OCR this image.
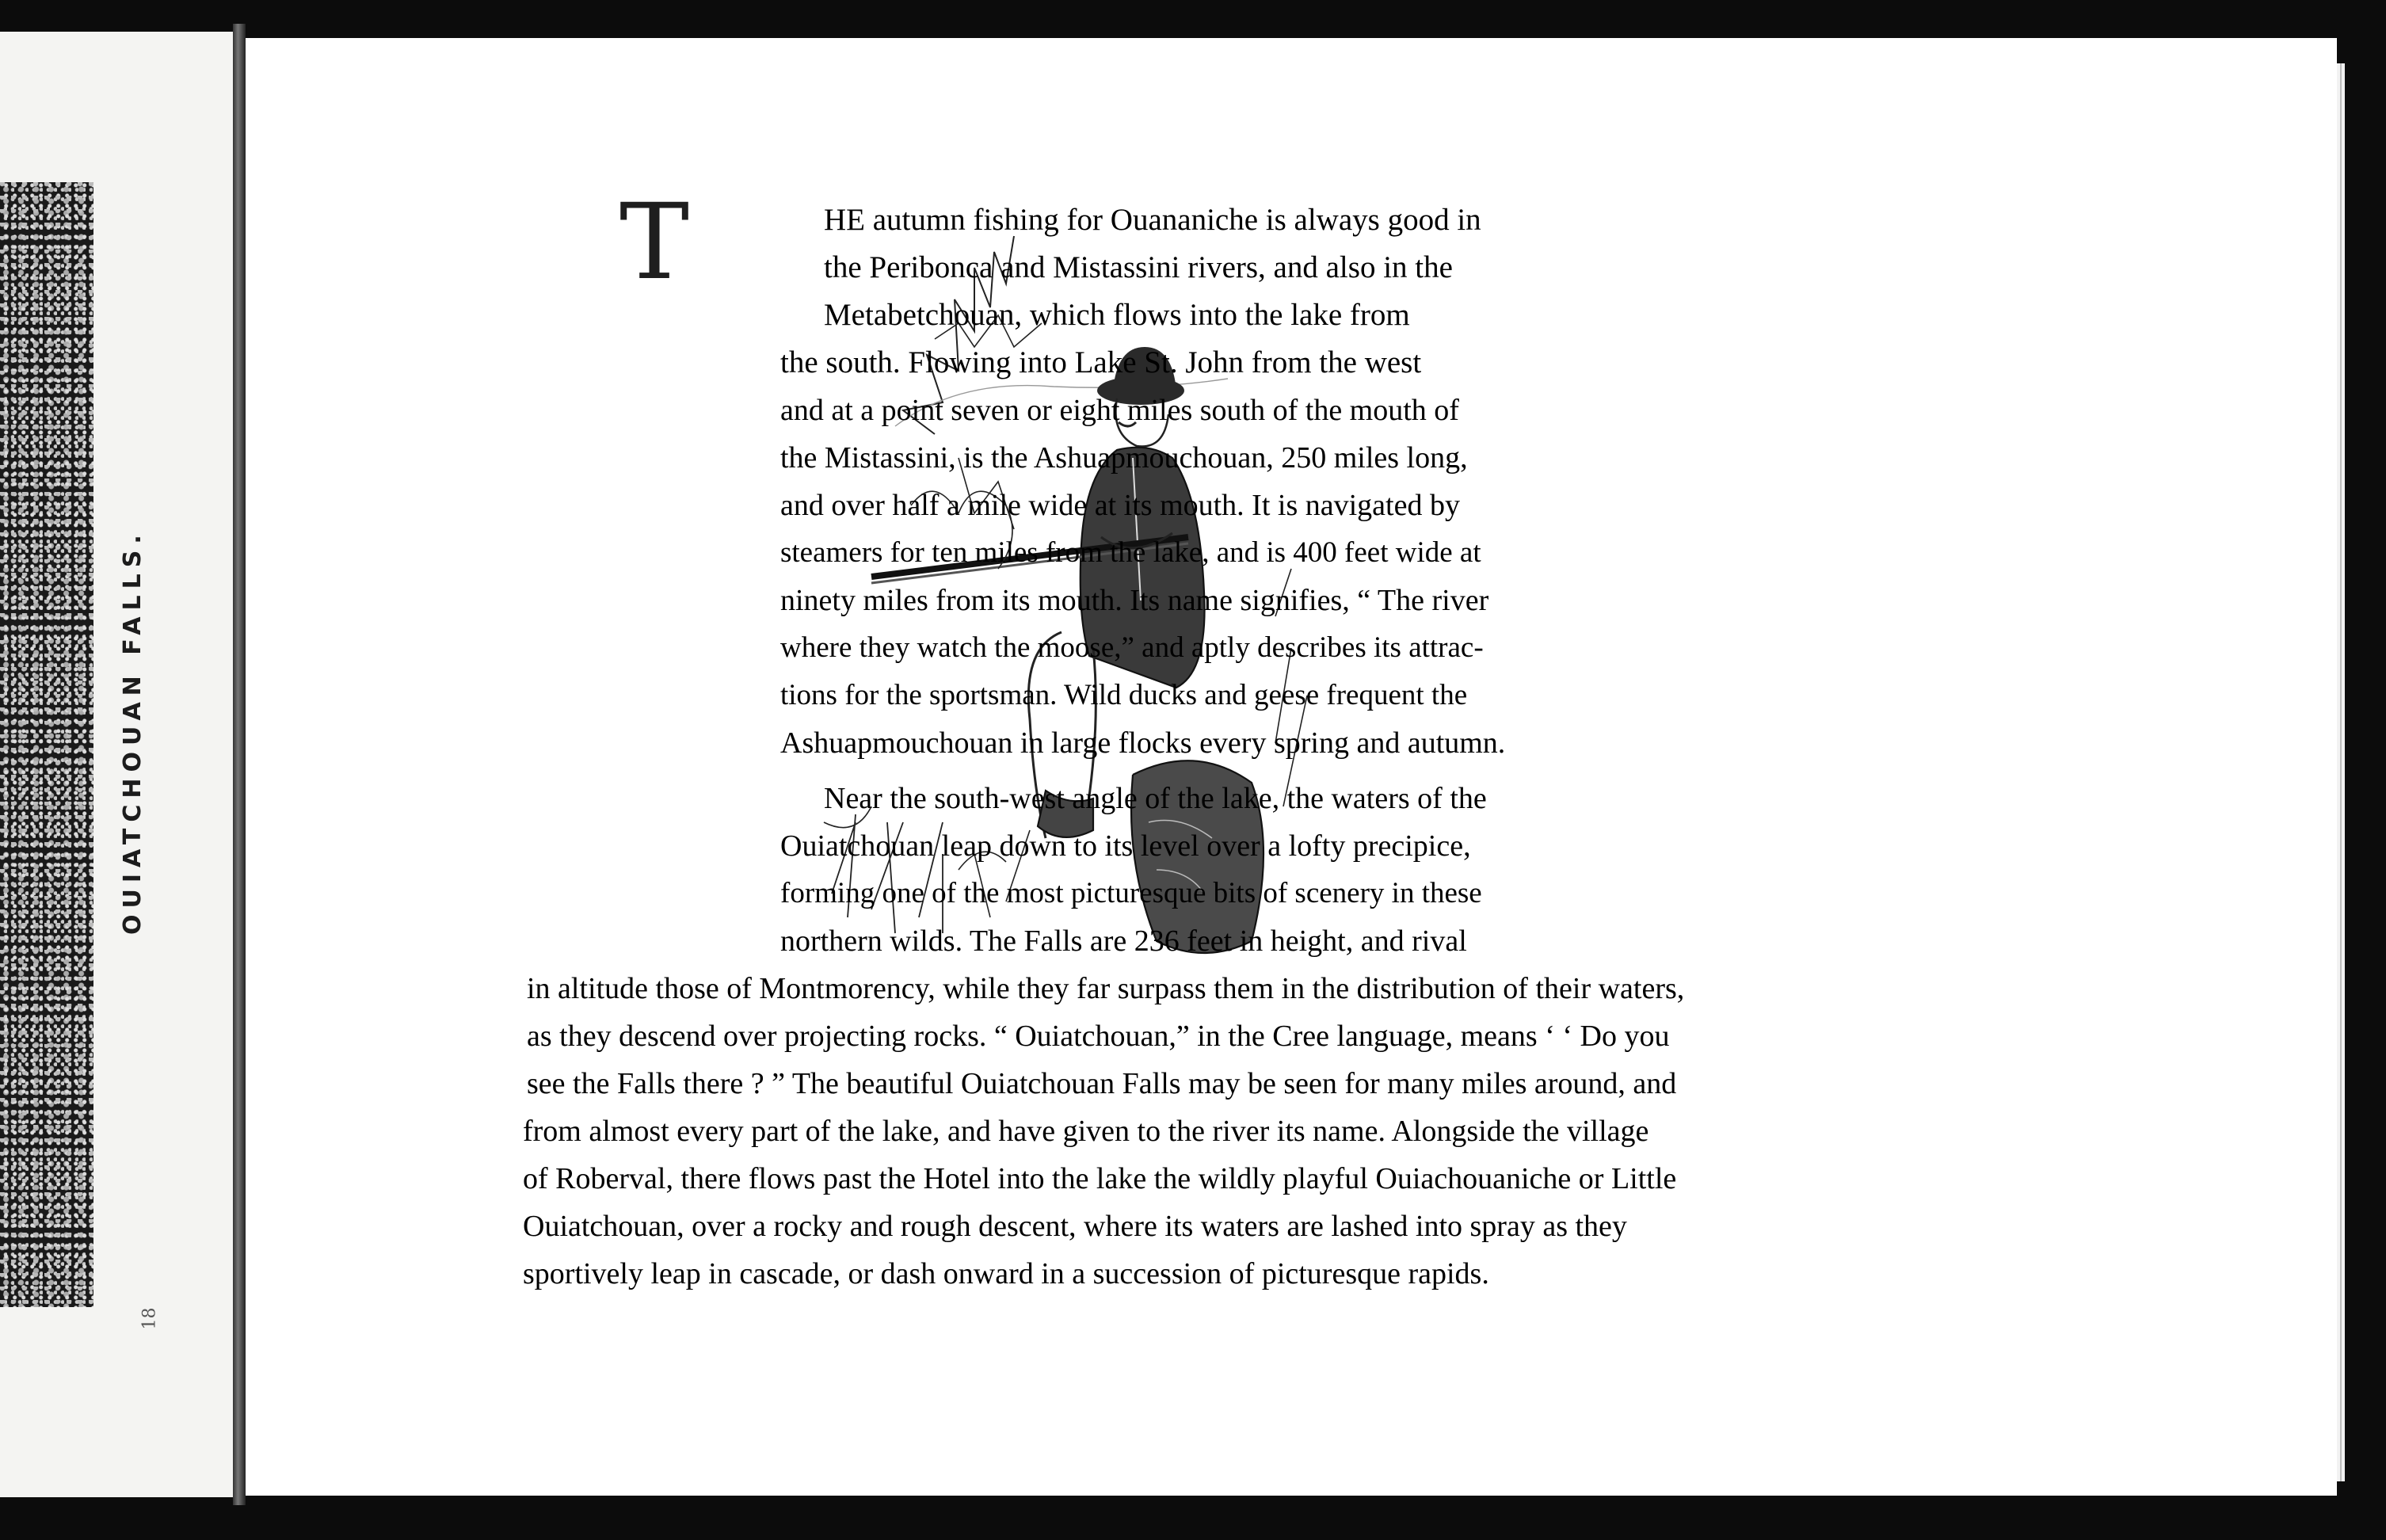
OUIATCHOUAN FALLS.
18
T	HE autumn fishing for Ouananiche is always good in
the Peribonca and Mistassini rivers, and also in the
Metabetchouan, which flows into the lake from
the south. Flowing into Lake St. John from the west
and at a point seven or eight miles south of the mouth of
the Mistassini, is the Ashuapmouchouan, 250 miles long,
and over half a mile wide at its mouth. It is navigated by
steamers for ten miles from the lake, and is 400 feet wide at
ninety miles from its mouth. Its name signifies, “ The river
where they watch the moose,” and aptly describes its attrac-
tions for the sportsman. Wild ducks and geese frequent the
Ashuapmouchouan in large flocks every spring and autumn.
Near the south-west angle of the lake, the waters of the
Ouiatchouan leap down to its level over a lofty precipice,
forming one of the most picturesque bits of scenery in these
northern wilds. The Falls are 236 feet in height, and rival
in altitude those of Montmorency, while they far surpass them in the distribution of their waters,
as they descend over projecting rocks. “ Ouiatchouan,” in the Cree language, means ‘ ‘ Do you
see the Falls there ? ” The beautiful Ouiatchouan Falls may be seen for many miles around, and
from almost every part of the lake, and have given to the river its name. Alongside the village
of Roberval, there flows past the Hotel into the lake the wildly playful Ouiachouaniche or Little
Ouiatchouan, over a rocky and rough descent, where its waters are lashed into spray as they
sportively leap in cascade, or dash onward in a succession of picturesque rapids.
